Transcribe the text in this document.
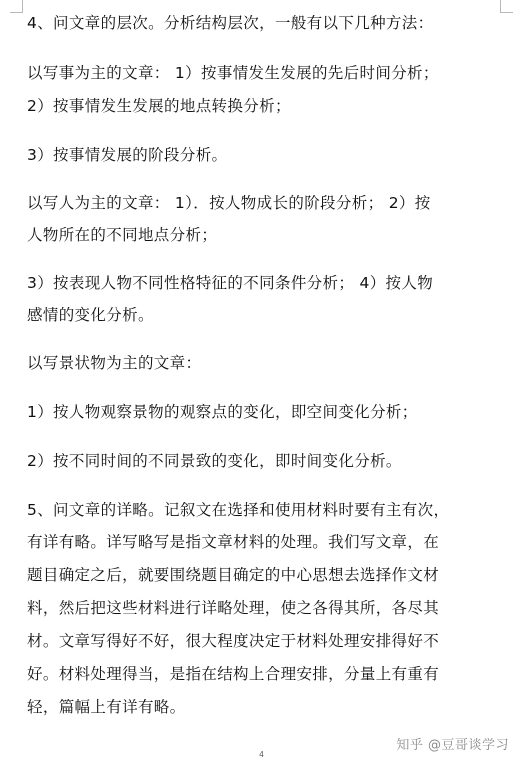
4、问文章的层次。分析结构层次，一般有以下几种方法：

以写事为主的文章： 1）按事情发生发展的先后时间分析；

2）按事情发生发展的地点转换分析；

3）按事情发展的阶段分析。

以写人为主的文章： 1）．按人物成长的阶段分析； 2）按

人物所在的不同地点分析；

3）按表现人物不同性格特征的不同条件分析； 4）按人物

感情的变化分析。

以写景状物为主的文章：

1）按人物观察景物的观察点的变化，即空间变化分析；

2）按不同时间的不同景致的变化，即时间变化分析。

5、问文章的详略。记叙文在选择和使用材料时要有主有次，

有详有略。详写略写是指文章材料的处理。我们写文章，在

题目确定之后，就要围绕题目确定的中心思想去选择作文材

料，然后把这些材料进行详略处理，使之各得其所，各尽其

材。文章写得好不好，很大程度决定于材料处理安排得好不

好。材料处理得当，是指在结构上合理安排，分量上有重有

轻，篇幅上有详有略。

4
知乎 @豆哥谈学习
